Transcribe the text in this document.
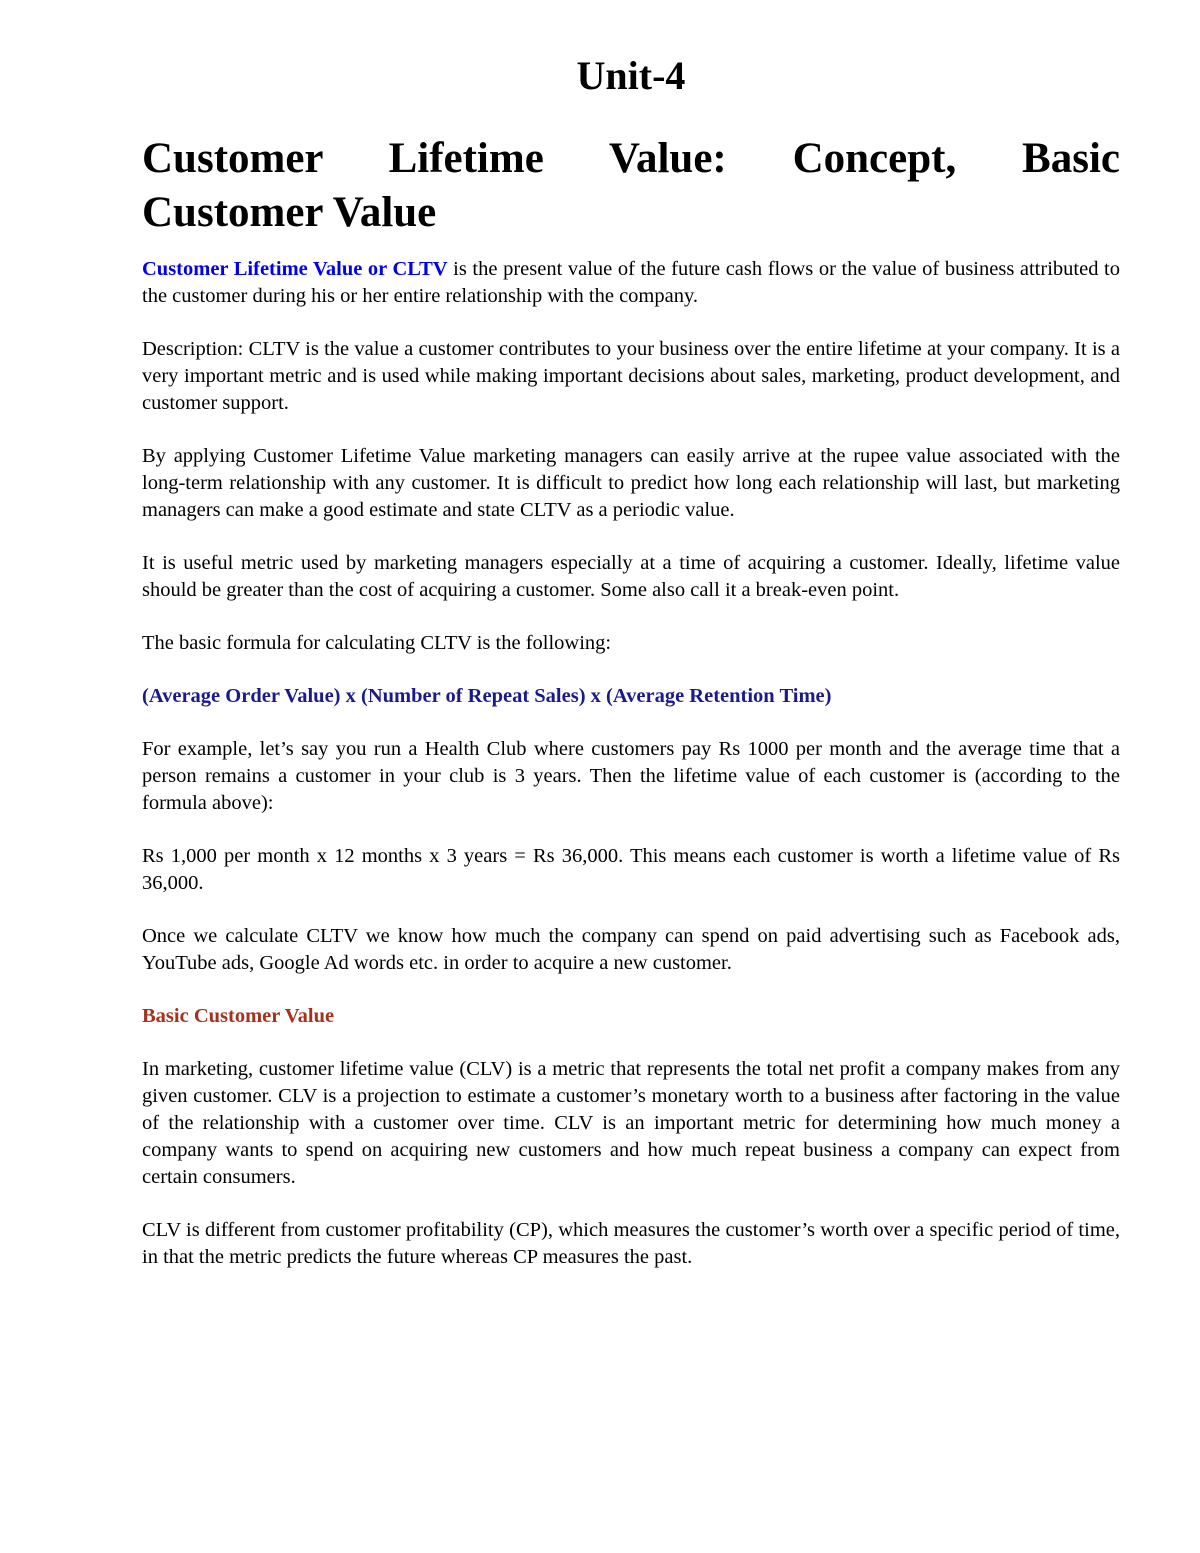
Unit-4
Customer Lifetime Value: Concept, Basic
Customer Value

Customer Lifetime Value or CLTV is the present value of the future cash flows or the value of business attributed to the customer during his or her entire relationship with the company.

Description: CLTV is the value a customer contributes to your business over the entire lifetime at your company. It is a very important metric and is used while making important decisions about sales, marketing, product development, and customer support.

By applying Customer Lifetime Value marketing managers can easily arrive at the rupee value associated with the long-term relationship with any customer. It is difficult to predict how long each relationship will last, but marketing managers can make a good estimate and state CLTV as a periodic value.

It is useful metric used by marketing managers especially at a time of acquiring a customer. Ideally, lifetime value should be greater than the cost of acquiring a customer. Some also call it a break-even point.

The basic formula for calculating CLTV is the following:

(Average Order Value) x (Number of Repeat Sales) x (Average Retention Time)

For example, let’s say you run a Health Club where customers pay Rs 1000 per month and the average time that a person remains a customer in your club is 3 years. Then the lifetime value of each customer is (according to the formula above):

Rs 1,000 per month x 12 months x 3 years = Rs 36,000. This means each customer is worth a lifetime value of Rs 36,000.

Once we calculate CLTV we know how much the company can spend on paid advertising such as Facebook ads, YouTube ads, Google Ad words etc. in order to acquire a new customer.

Basic Customer Value

In marketing, customer lifetime value (CLV) is a metric that represents the total net profit a company makes from any given customer. CLV is a projection to estimate a customer’s monetary worth to a business after factoring in the value of the relationship with a customer over time. CLV is an important metric for determining how much money a company wants to spend on acquiring new customers and how much repeat business a company can expect from certain consumers.

CLV is different from customer profitability (CP), which measures the customer’s worth over a specific period of time, in that the metric predicts the future whereas CP measures the past.
